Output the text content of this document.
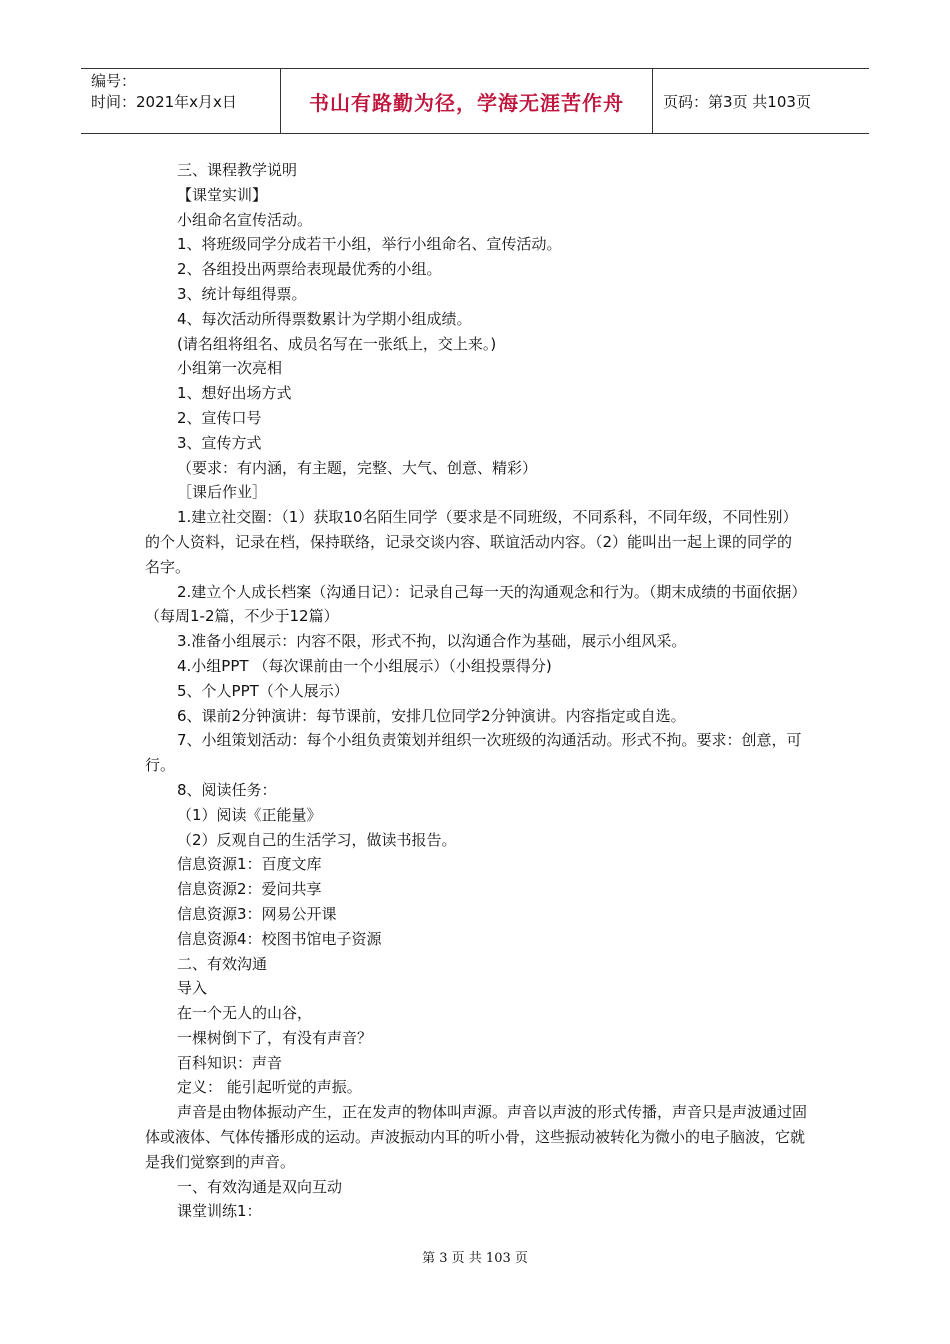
编号：
时间：2021年x月x日	书山有路勤为径，学海无涯苦作舟	页码：第3页 共103页

三、课程教学说明

【课堂实训】

小组命名宣传活动。

1、将班级同学分成若干小组，举行小组命名、宣传活动。

2、各组投出两票给表现最优秀的小组。

3、统计每组得票。

4、每次活动所得票数累计为学期小组成绩。

(请名组将组名、成员名写在一张纸上，交上来。)

小组第一次亮相

1、想好出场方式

2、宣传口号

3、宣传方式

（要求：有内涵，有主题，完整、大气、创意、精彩）

［课后作业］

1.建立社交圈：（1）获取10名陌生同学（要求是不同班级，不同系科，不同年级，不同性别）的个人资料，记录在档，保持联络，记录交谈内容、联谊活动内容。（2）能叫出一起上课的同学的名字。

2.建立个人成长档案（沟通日记）：记录自己每一天的沟通观念和行为。（期末成绩的书面依据）（每周1-2篇，不少于12篇）

3.准备小组展示：内容不限，形式不拘，以沟通合作为基础，展示小组风采。

4.小组PPT （每次课前由一个小组展示）（小组投票得分)

5、个人PPT（个人展示）

6、课前2分钟演讲：每节课前，安排几位同学2分钟演讲。内容指定或自选。

7、小组策划活动：每个小组负责策划并组织一次班级的沟通活动。形式不拘。要求：创意，可行。

8、阅读任务：

（1）阅读《正能量》

（2）反观自己的生活学习，做读书报告。

信息资源1：百度文库

信息资源2：爱问共享

信息资源3：网易公开课

信息资源4：校图书馆电子资源

二、有效沟通

导入

在一个无人的山谷，

一棵树倒下了，有没有声音？

百科知识：声音

定义： 能引起听觉的声振。

声音是由物体振动产生，正在发声的物体叫声源。声音以声波的形式传播，声音只是声波通过固体或液体、气体传播形成的运动。声波振动内耳的听小骨，这些振动被转化为微小的电子脑波，它就是我们觉察到的声音。

一、有效沟通是双向互动

课堂训练1：

第 3 页 共 103 页
